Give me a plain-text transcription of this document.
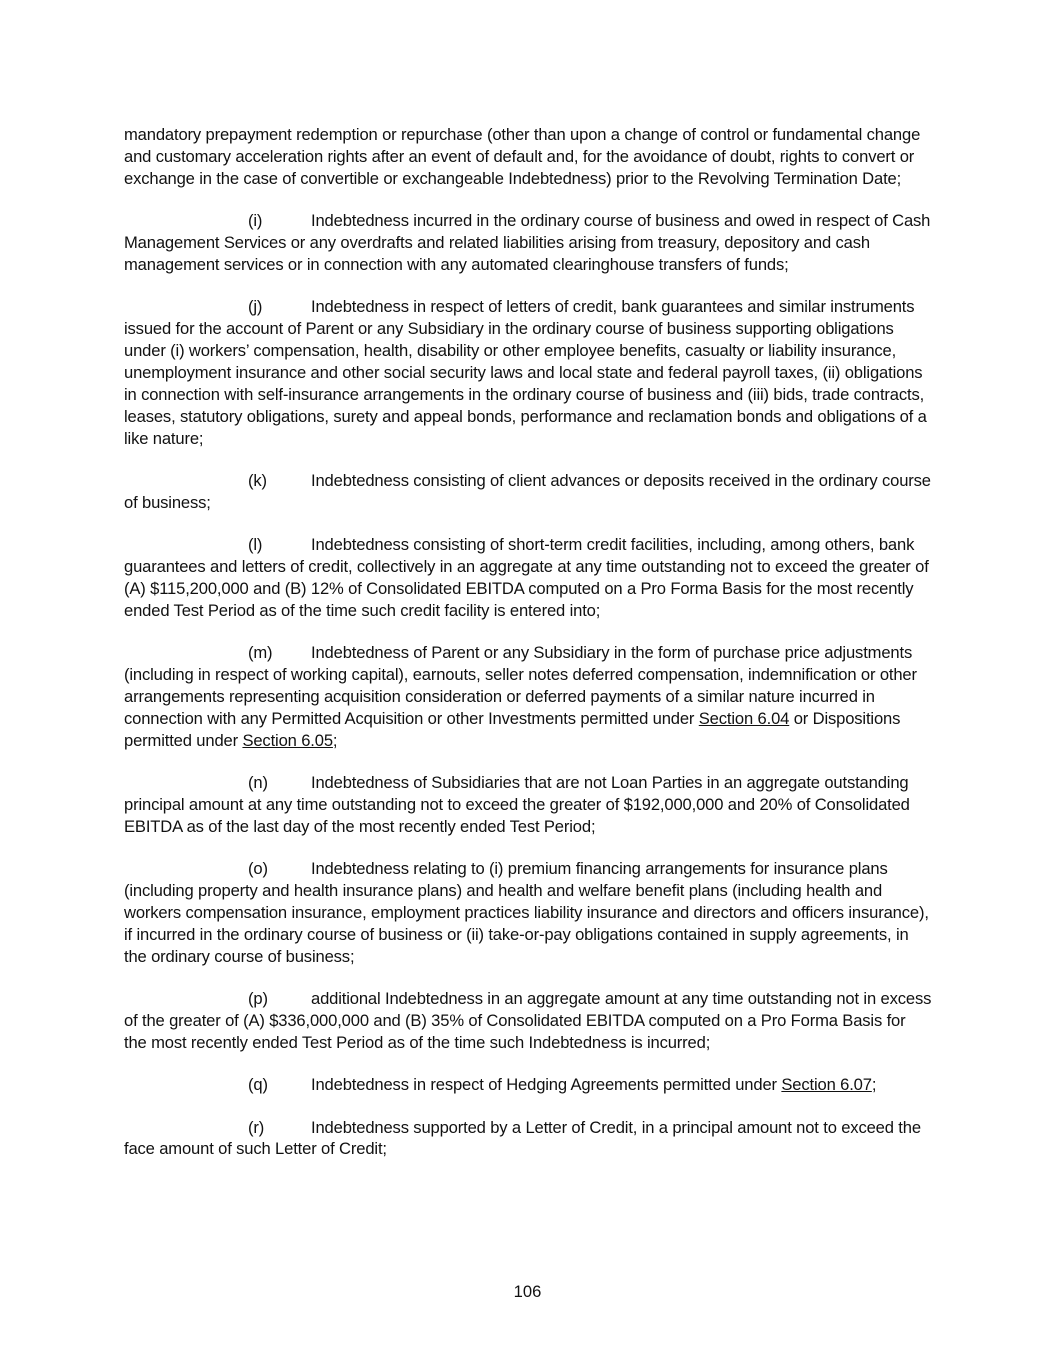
mandatory prepayment redemption or repurchase (other than upon a change of control or fundamental change and customary acceleration rights after an event of default and, for the avoidance of doubt, rights to convert or exchange in the case of convertible or exchangeable Indebtedness) prior to the Revolving Termination Date;

(i)	Indebtedness incurred in the ordinary course of business and owed in respect of Cash Management Services or any overdrafts and related liabilities arising from treasury, depository and cash management services or in connection with any automated clearinghouse transfers of funds;

(j)	Indebtedness in respect of letters of credit, bank guarantees and similar instruments issued for the account of Parent or any Subsidiary in the ordinary course of business supporting obligations under (i) workers’ compensation, health, disability or other employee benefits, casualty or liability insurance, unemployment insurance and other social security laws and local state and federal payroll taxes, (ii) obligations in connection with self-insurance arrangements in the ordinary course of business and (iii) bids, trade contracts, leases, statutory obligations, surety and appeal bonds, performance and reclamation bonds and obligations of a like nature;

(k)	Indebtedness consisting of client advances or deposits received in the ordinary course of business;

(l)	Indebtedness consisting of short-term credit facilities, including, among others, bank guarantees and letters of credit, collectively in an aggregate at any time outstanding not to exceed the greater of (A) $115,200,000 and (B) 12% of Consolidated EBITDA computed on a Pro Forma Basis for the most recently ended Test Period as of the time such credit facility is entered into;

(m) Indebtedness of Parent or any Subsidiary in the form of purchase price adjustments (including in respect of working capital), earnouts, seller notes deferred compensation, indemnification or other arrangements representing acquisition consideration or deferred payments of a similar nature incurred in connection with any Permitted Acquisition or other Investments permitted under Section 6.04 or Dispositions permitted under Section 6.05;

(n)	Indebtedness of Subsidiaries that are not Loan Parties in an aggregate outstanding principal amount at any time outstanding not to exceed the greater of $192,000,000 and 20% of Consolidated EBITDA as of the last day of the most recently ended Test Period;

(o)	Indebtedness relating to (i) premium financing arrangements for insurance plans (including property and health insurance plans) and health and welfare benefit plans (including health and workers compensation insurance, employment practices liability insurance and directors and officers insurance), if incurred in the ordinary course of business or (ii) take-or-pay obligations contained in supply agreements, in the ordinary course of business;

(p)	additional Indebtedness in an aggregate amount at any time outstanding not in excess of the greater of (A) $336,000,000 and (B) 35% of Consolidated EBITDA computed on a Pro Forma Basis for the most recently ended Test Period as of the time such Indebtedness is incurred;

(q)	Indebtedness in respect of Hedging Agreements permitted under Section 6.07;

(r)	Indebtedness supported by a Letter of Credit, in a principal amount not to exceed the face amount of such Letter of Credit;

106
